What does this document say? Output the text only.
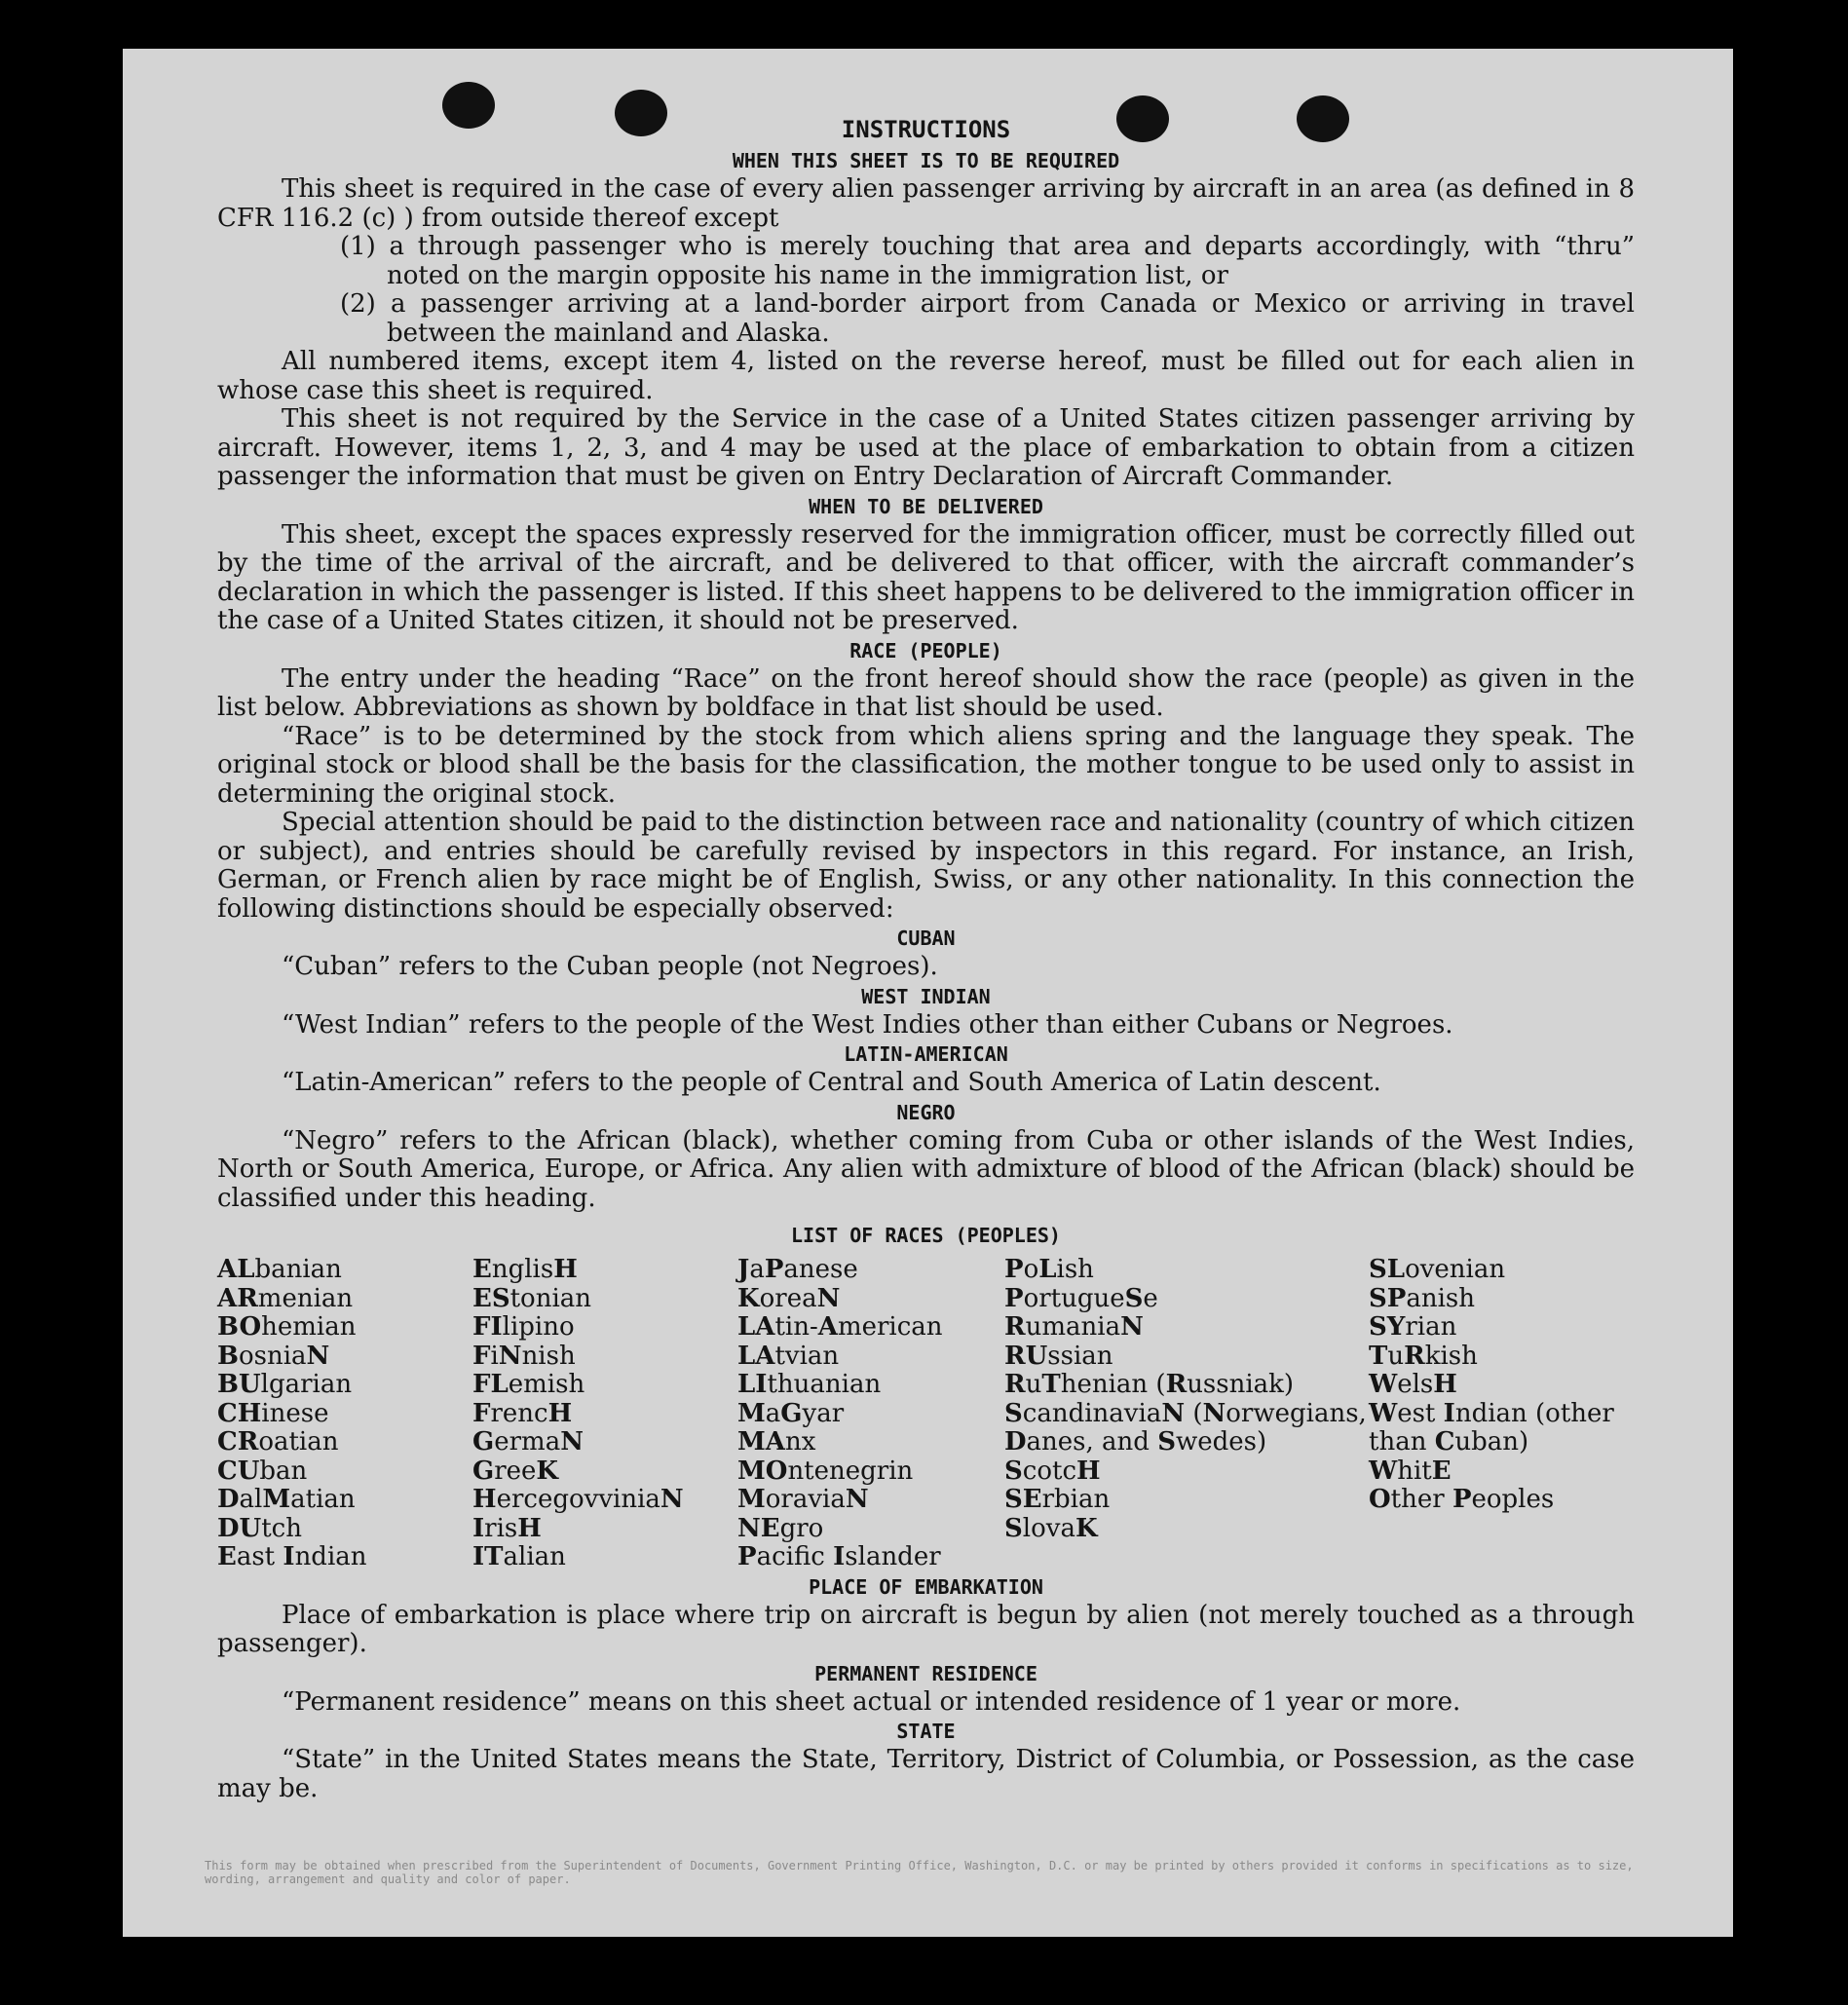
INSTRUCTIONS
WHEN THIS SHEET IS TO BE REQUIRED

This sheet is required in the case of every alien passenger arriving by aircraft in an area (as defined in 8 CFR 116.2 (c) ) from outside thereof except

(1) a through passenger who is merely touching that area and departs accordingly, with “thru” noted on the margin opposite his name in the immigration list, or

(2) a passenger arriving at a land-border airport from Canada or Mexico or arriving in travel between the mainland and Alaska.

All numbered items, except item 4, listed on the reverse hereof, must be filled out for each alien in whose case this sheet is required.

This sheet is not required by the Service in the case of a United States citizen passenger arriving by aircraft. However, items 1, 2, 3, and 4 may be used at the place of embarkation to obtain from a citizen passenger the information that must be given on Entry Declaration of Aircraft Commander.

WHEN TO BE DELIVERED

This sheet, except the spaces expressly reserved for the immigration officer, must be correctly filled out by the time of the arrival of the aircraft, and be delivered to that officer, with the aircraft commander’s declaration in which the passenger is listed. If this sheet happens to be delivered to the immigration officer in the case of a United States citizen, it should not be preserved.

RACE (PEOPLE)

The entry under the heading “Race” on the front hereof should show the race (people) as given in the list below. Abbreviations as shown by boldface in that list should be used.

“Race” is to be determined by the stock from which aliens spring and the language they speak. The original stock or blood shall be the basis for the classification, the mother tongue to be used only to assist in determining the original stock.

Special attention should be paid to the distinction between race and nationality (country of which citizen or subject), and entries should be carefully revised by inspectors in this regard. For instance, an Irish, German, or French alien by race might be of English, Swiss, or any other nationality. In this connection the following distinctions should be especially observed:

CUBAN

“Cuban” refers to the Cuban people (not Negroes).

WEST INDIAN

“West Indian” refers to the people of the West Indies other than either Cubans or Negroes.

LATIN-AMERICAN

“Latin-American” refers to the people of Central and South America of Latin descent.

NEGRO

“Negro” refers to the African (black), whether coming from Cuba or other islands of the West Indies, North or South America, Europe, or Africa. Any alien with admixture of blood of the African (black) should be classified under this heading.

LIST OF RACES (PEOPLES)
ALbanian
ARmenian
BOhemian
BosniaN
BUlgarian
CHinese
CRoatian
CUban
DalMatian
DUtch
East Indian
EnglisH
EStonian
FIlipino
FiNnish
FLemish
FrencH
GermaN
GreeK
HercegovviniaN
IrisH
ITalian
JaPanese
KoreaN
LAtin-American
LAtvian
LIthuanian
MaGyar
MAnx
MOntenegrin
MoraviaN
NEgro
Pacific Islander
PoLish
PortugueSe
RumaniaN
RUssian
RuThenian (Russniak)
ScandinaviaN (Norwegians, Danes, and Swedes)
ScotcH
SErbian
SlovaK
SLovenian
SPanish
SYrian
TuRkish
WelsH
West Indian (other than Cuban)
WhitE
Other Peoples
PLACE OF EMBARKATION

Place of embarkation is place where trip on aircraft is begun by alien (not merely touched as a through passenger).

PERMANENT RESIDENCE

“Permanent residence” means on this sheet actual or intended residence of 1 year or more.

STATE

“State” in the United States means the State, Territory, District of Columbia, or Possession, as the case may be.

This form may be obtained when prescribed from the Superintendent of Documents, Government Printing Office, Washington, D.C. or may be printed by others provided it conforms in specifications as to size, wording, arrangement and quality and color of paper.
